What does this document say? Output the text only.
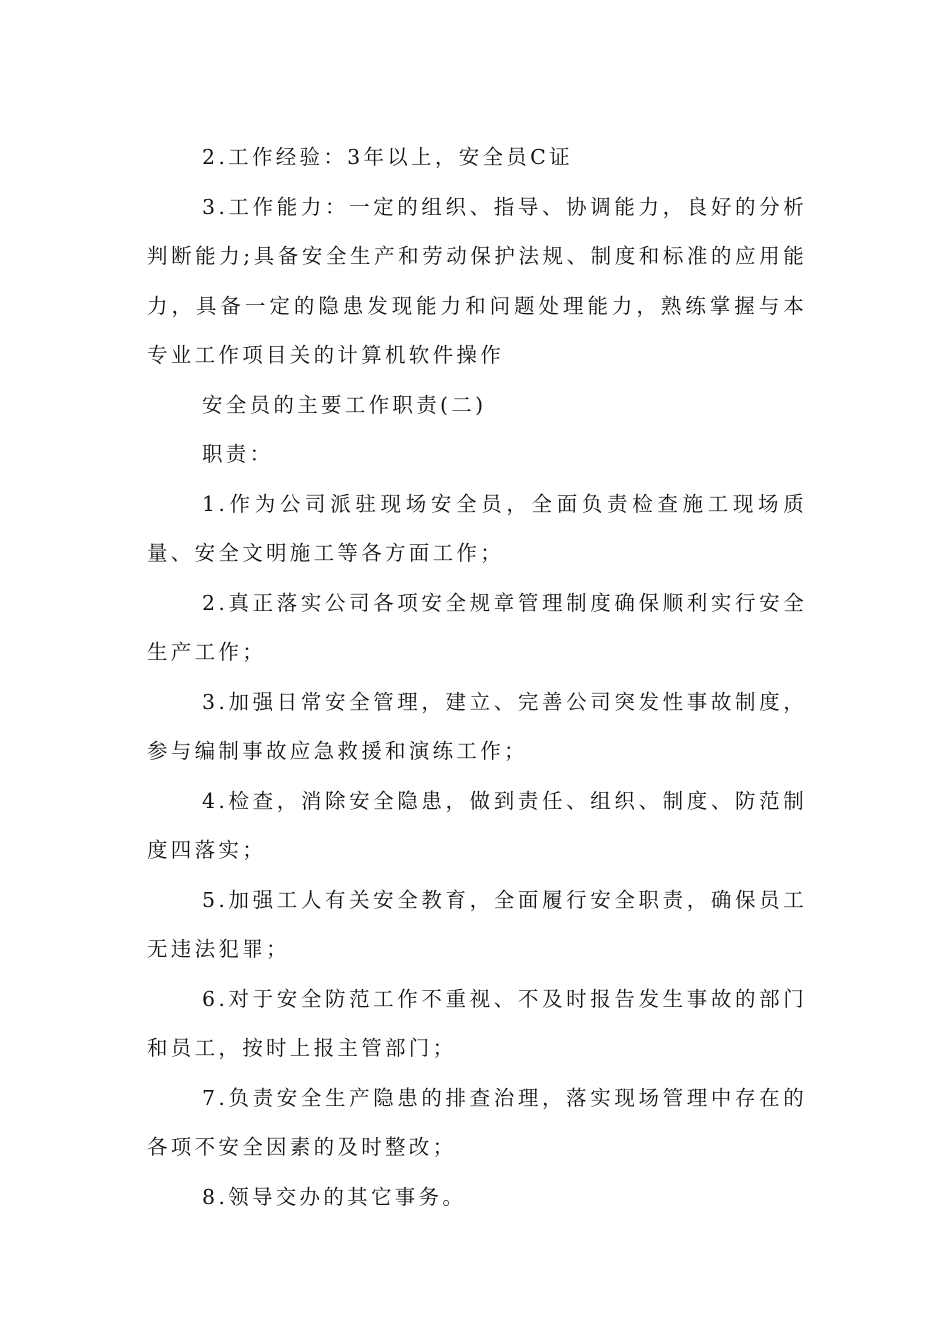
2.工作经验：3年以上，安全员C证

3.工作能力：一定的组织、指导、协调能力，良好的分析判断能力;具备安全生产和劳动保护法规、制度和标准的应用能力，具备一定的隐患发现能力和问题处理能力，熟练掌握与本专业工作项目关的计算机软件操作

安全员的主要工作职责(二)

职责：

1.作为公司派驻现场安全员，全面负责检查施工现场质量、安全文明施工等各方面工作；

2.真正落实公司各项安全规章管理制度确保顺利实行安全生产工作；

3.加强日常安全管理，建立、完善公司突发性事故制度，参与编制事故应急救援和演练工作；

4.检查，消除安全隐患，做到责任、组织、制度、防范制度四落实；

5.加强工人有关安全教育，全面履行安全职责，确保员工无违法犯罪；

6.对于安全防范工作不重视、不及时报告发生事故的部门和员工，按时上报主管部门；

7.负责安全生产隐患的排查治理，落实现场管理中存在的各项不安全因素的及时整改；

8.领导交办的其它事务。
